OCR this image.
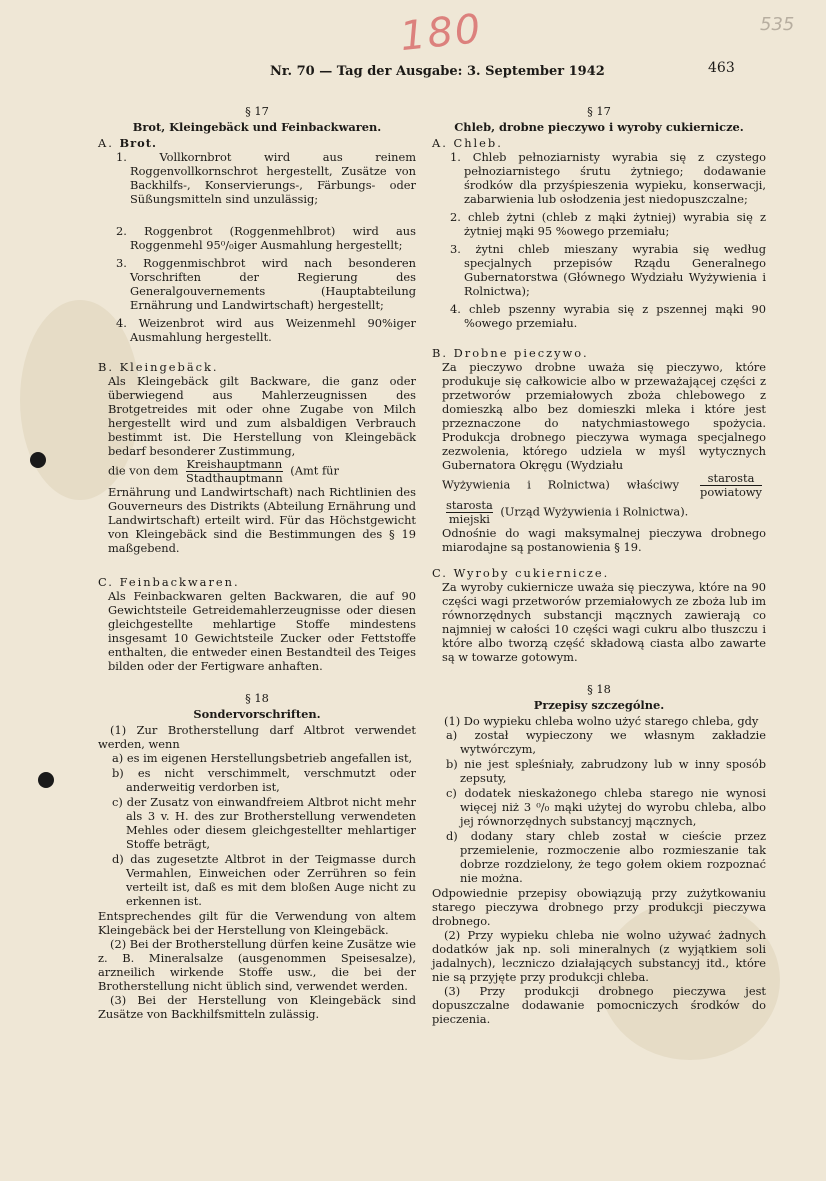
180	535
Nr. 70 — Tag der Ausgabe: 3. September 1942	463
§ 17
Brot, Kleingebäck und Feinbackwaren.
A. Brot.
1. Vollkornbrot wird aus reinem Roggenvollkornschrot hergestellt, Zusätze von Backhilfs-, Konservierungs-, Färbungs- oder Süßungsmitteln sind unzulässig;
2. Roggenbrot (Roggenmehlbrot) wird aus Roggenmehl 95⁰/₀iger Ausmahlung hergestellt;
3. Roggenmischbrot wird nach besonderen Vorschriften der Regierung des Generalgouvernements (Hauptabteilung Ernährung und Landwirtschaft) hergestellt;
4. Weizenbrot wird aus Weizenmehl 90%iger Ausmahlung hergestellt.
B. Kleingebäck.

Als Kleingebäck gilt Backware, die ganz oder überwiegend aus Mahlerzeugnissen des Brotgetreides mit oder ohne Zugabe von Milch hergestellt wird und zum alsbaldigen Verbrauch bestimmt ist. Die Herstellung von Kleingebäck bedarf besonderer Zustimmung,

die von dem $\frac{\text{Kreishauptmann}}{\text{Stadthauptmann}} (Amt$ für

Ernährung und Landwirtschaft) nach Richtlinien des Gouverneurs des Distrikts (Abteilung Ernährung und Landwirtschaft) erteilt wird. Für das Höchstgewicht von Kleingebäck sind die Bestimmungen des § 19 maßgebend.

C. Feinbackwaren.

Als Feinbackwaren gelten Backwaren, die auf 90 Gewichtsteile Getreidemahlerzeugnisse oder diesen gleichgestellte mehlartige Stoffe mindestens insgesamt 10 Gewichtsteile Zucker oder Fettstoffe enthalten, die entweder einen Bestandteil des Teiges bilden oder der Fertigware anhaften.

§ 18
Sondervorschriften.

(1) Zur Brotherstellung darf Altbrot verwendet werden, wenn

a) es im eigenen Herstellungsbetrieb angefallen ist,
b) es nicht verschimmelt, verschmutzt oder anderweitig verdorben ist,
c) der Zusatz von einwandfreiem Altbrot nicht mehr als 3 v. H. des zur Brotherstellung verwendeten Mehles oder diesem gleichgestellter mehlartiger Stoffe beträgt,
d) das zugesetzte Altbrot in der Teigmasse durch Vermahlen, Einweichen oder Zerrühren so fein verteilt ist, daß es mit dem bloßen Auge nicht zu erkennen ist.

Entsprechendes gilt für die Verwendung von altem Kleingebäck bei der Herstellung von Kleingebäck.

(2) Bei der Brotherstellung dürfen keine Zusätze wie z. B. Mineralsalze (ausgenommen Speisesalze), arzneilich wirkende Stoffe usw., die bei der Brotherstellung nicht üblich sind, verwendet werden.

(3) Bei der Herstellung von Kleingebäck sind Zusätze von Backhilfsmitteln zulässig.

§ 17
Chleb, drobne pieczywo i wyroby cukiernicze.
A. Chleb.
1. Chleb pełnoziarnisty wyrabia się z czystego pełnoziarnistego śrutu żytniego; dodawanie środków dla przyśpieszenia wypieku, konserwacji, zabarwienia lub osłodzenia jest niedopuszczalne;
2. chleb żytni (chleb z mąki żytniej) wyrabia się z żytniej mąki 95 %owego przemiału;
3. żytni chleb mieszany wyrabia się według specjalnych przepisów Rządu Generalnego Gubernatorstwa (Głównego Wydziału Wyżywienia i Rolnictwa);
4. chleb pszenny wyrabia się z pszennej mąki 90 %owego przemiału.
B. Drobne pieczywo.

Za pieczywo drobne uważa się pieczywo, które produkuje się całkowicie albo w przeważającej części z przetworów przemiałowych zboża chlebowego z domieszką albo bez domieszki mleka i które jest przeznaczone do natychmiastowego spożycia. Produkcja drobnego pieczywa wymaga specjalnego zezwolenia, którego udziela w myśl wytycznych Gubernatora Okręgu (Wydziału

Wyżywienia i Rolnictwa) właściwy $\frac{\text{starosta}}{\text{powiatowy}}$

$\frac{\text{starosta}}{\text{miejski}}$ (Urząd Wyżywienia i Rolnictwa).

Odnośnie do wagi maksymalnej pieczywa drobnego miarodajne są postanowienia § 19.

C. Wyroby cukiernicze.

Za wyroby cukiernicze uważa się pieczywa, które na 90 części wagi przetworów przemiałowych ze zboża lub im równorzędnych substancji mącznych zawierają co najmniej w całości 10 części wagi cukru albo tłuszczu i które albo tworzą część składową ciasta albo zawarte są w towarze gotowym.

§ 18
Przepisy szczególne.

(1) Do wypieku chleba wolno użyć starego chleba, gdy

a) został wypieczony we własnym zakładzie wytwórczym,
b) nie jest spleśniały, zabrudzony lub w inny sposób zepsuty,
c) dodatek nieskażonego chleba starego nie wynosi więcej niż 3 ⁰/₀ mąki użytej do wyrobu chleba, albo jej równorzędnych substancyj mącznych,
d) dodany stary chleb został w cieście przez przemielenie, rozmoczenie albo rozmieszanie tak dobrze rozdzielony, że tego gołem okiem rozpoznać nie można.

Odpowiednie przepisy obowiązują przy zużytkowaniu starego pieczywa drobnego przy produkcji pieczywa drobnego.

(2) Przy wypieku chleba nie wolno używać żadnych dodatków jak np. soli mineralnych (z wyjątkiem soli jadalnych), leczniczo działających substancyj itd., które nie są przyjęte przy produkcji chleba.

(3) Przy produkcji drobnego pieczywa jest dopuszczalne dodawanie pomocniczych środków do pieczenia.
